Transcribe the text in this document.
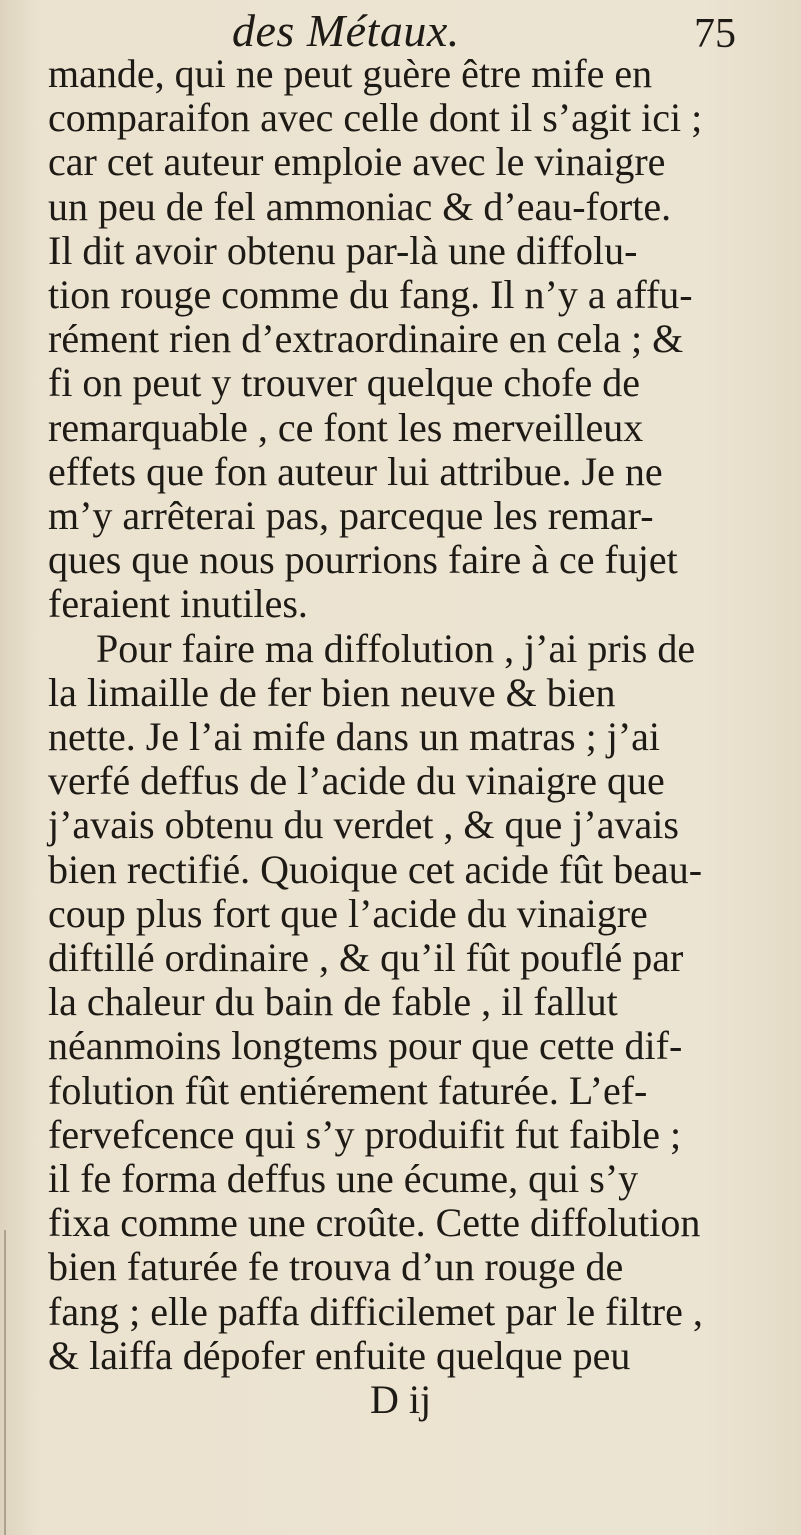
des Métaux.	75
mande, qui ne peut guère être mife en
comparaifon avec celle dont il s’agit ici ;
car cet auteur emploie avec le vinaigre
un peu de fel ammoniac & d’eau-forte.
Il dit avoir obtenu par-là une diffolu-
tion rouge comme du fang. Il n’y a affu-
rément rien d’extraordinaire en cela ; &
fi on peut y trouver quelque chofe de
remarquable , ce font les merveilleux
effets que fon auteur lui attribue. Je ne
m’y arrêterai pas, parceque les remar-
ques que nous pourrions faire à ce fujet
feraient inutiles.
Pour faire ma diffolution , j’ai pris de
la limaille de fer bien neuve & bien
nette. Je l’ai mife dans un matras ; j’ai
verfé deffus de l’acide du vinaigre que
j’avais obtenu du verdet , & que j’avais
bien rectifié. Quoique cet acide fût beau-
coup plus fort que l’acide du vinaigre
diftillé ordinaire , & qu’il fût pouflé par
la chaleur du bain de fable , il fallut
néanmoins longtems pour que cette dif-
folution fût entiérement faturée. L’ef-
fervefcence qui s’y produifit fut faible ;
il fe forma deffus une écume, qui s’y
fixa comme une croûte. Cette diffolution
bien faturée fe trouva d’un rouge de
fang ; elle paffa difficilemet par le filtre ,
& laiffa dépofer enfuite quelque peu
D ij
